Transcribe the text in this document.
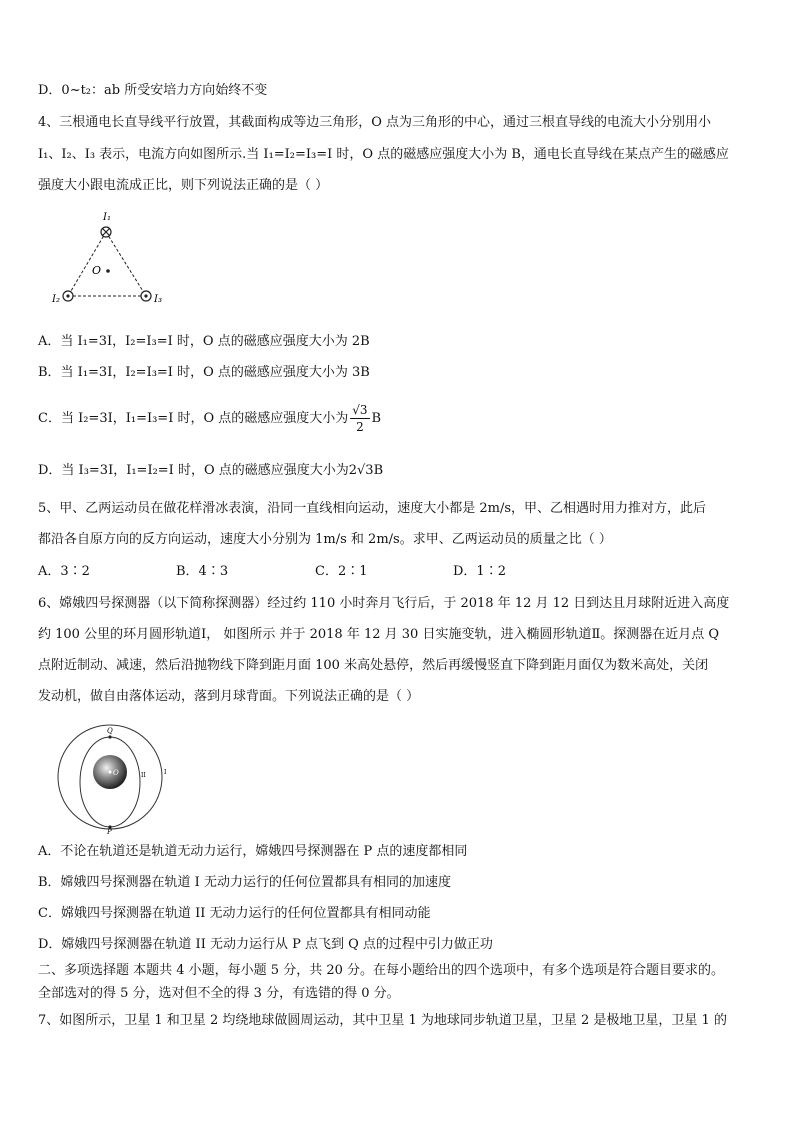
D．0~t₂：ab 所受安培力方向始终不变
4、三根通电长直导线平行放置，其截面构成等边三角形，O 点为三角形的中心，通过三根直导线的电流大小分别用小
I₁、I₂、I₃ 表示，电流方向如图所示.当 I₁=I₂=I₃=I 时，O 点的磁感应强度大小为 B，通电长直导线在某点产生的磁感应
强度大小跟电流成正比，则下列说法正确的是（ ）
I₁
O
I₂	I₃
A．当 I₁=3I，I₂=I₃=I 时，O 点的磁感应强度大小为 2B
B．当 I₁=3I，I₂=I₃=I 时，O 点的磁感应强度大小为 3B
C．当 I₂=3I，I₁=I₃=I 时，O 点的磁感应强度大小为 $\frac{√3}{2}$ B
D．当 I₃=3I，I₁=I₂=I 时，O 点的磁感应强度大小为2√3B
5、甲、乙两运动员在做花样滑冰表演，沿同一直线相向运动，速度大小都是 2m/s，甲、乙相遇时用力推对方，此后
都沿各自原方向的反方向运动，速度大小分别为 1m/s 和 2m/s。求甲、乙两运动员的质量之比（ ）
A．3∶2	B．4∶3	C．2∶1	D．1∶2
6、嫦娥四号探测器（以下简称探测器）经过约 110 小时奔月飞行后，于 2018 年 12 月 12 日到达且月球附近进入高度
约 100 公里的环月圆形轨道Ⅰ， 如图所示 并于 2018 年 12 月 30 日实施变轨，进入椭圆形轨道Ⅱ。探测器在近月点 Q
点附近制动、减速，然后沿抛物线下降到距月面 100 米高处悬停，然后再缓慢竖直下降到距月面仅为数米高处，关闭
发动机，做自由落体运动，落到月球背面。下列说法正确的是（ ）
Q
P
O	II	I
A．不论在轨道还是轨道无动力运行，嫦娥四号探测器在 P 点的速度都相同
B．嫦娥四号探测器在轨道 I 无动力运行的任何位置都具有相同的加速度
C．嫦娥四号探测器在轨道 II 无动力运行的任何位置都具有相同动能
D．嫦娥四号探测器在轨道 II 无动力运行从 P 点飞到 Q 点的过程中引力做正功
二、多项选择题 本题共 4 小题，每小题 5 分，共 20 分。在每小题给出的四个选项中，有多个选项是符合题目要求的。
全部选对的得 5 分，选对但不全的得 3 分，有选错的得 0 分。
7、如图所示，卫星 1 和卫星 2 均绕地球做圆周运动，其中卫星 1 为地球同步轨道卫星，卫星 2 是极地卫星，卫星 1 的
